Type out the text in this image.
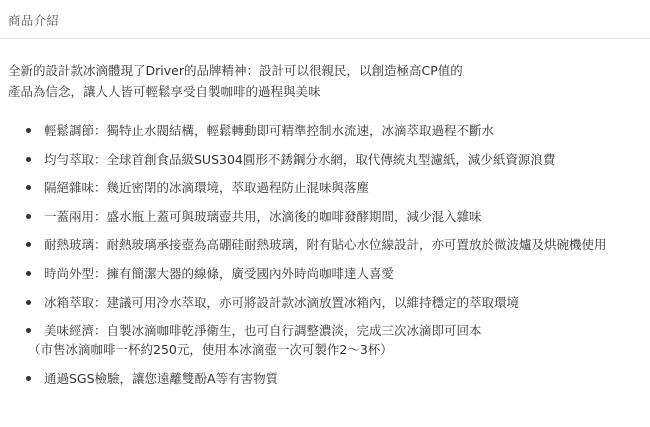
商品介紹

全新的設計款冰滴體現了Driver的品牌精神：設計可以很親民，以創造極高CP值的

產品為信念，讓人人皆可輕鬆享受自製咖啡的過程與美味

輕鬆調節：獨特止水閥結構，輕鬆轉動即可精準控制水流速，冰滴萃取過程不斷水
均勻萃取：全球首創食品級SUS304圓形不銹鋼分水網，取代傳統丸型濾紙，減少紙資源浪費
隔絕雜味：幾近密閉的冰滴環境，萃取過程防止混味與落塵
一蓋兩用：盛水瓶上蓋可與玻璃壺共用，冰滴後的咖啡發酵期間，減少混入雜味
耐熱玻璃：耐熱玻璃承接壺為高硼硅耐熱玻璃，附有貼心水位線設計，亦可置放於微波爐及烘碗機使用
時尚外型：擁有簡潔大器的線條，廣受國內外時尚咖啡達人喜愛
冰箱萃取：建議可用冷水萃取，亦可將設計款冰滴放置冰箱內，以維持穩定的萃取環境
美味經濟：自製冰滴咖啡乾淨衛生，也可自行調整濃淡，完成三次冰滴即可回本
（市售冰滴咖啡一杯約250元，使用本冰滴壺一次可製作2～3杯）
通過SGS檢驗，讓您遠離雙酚A等有害物質
